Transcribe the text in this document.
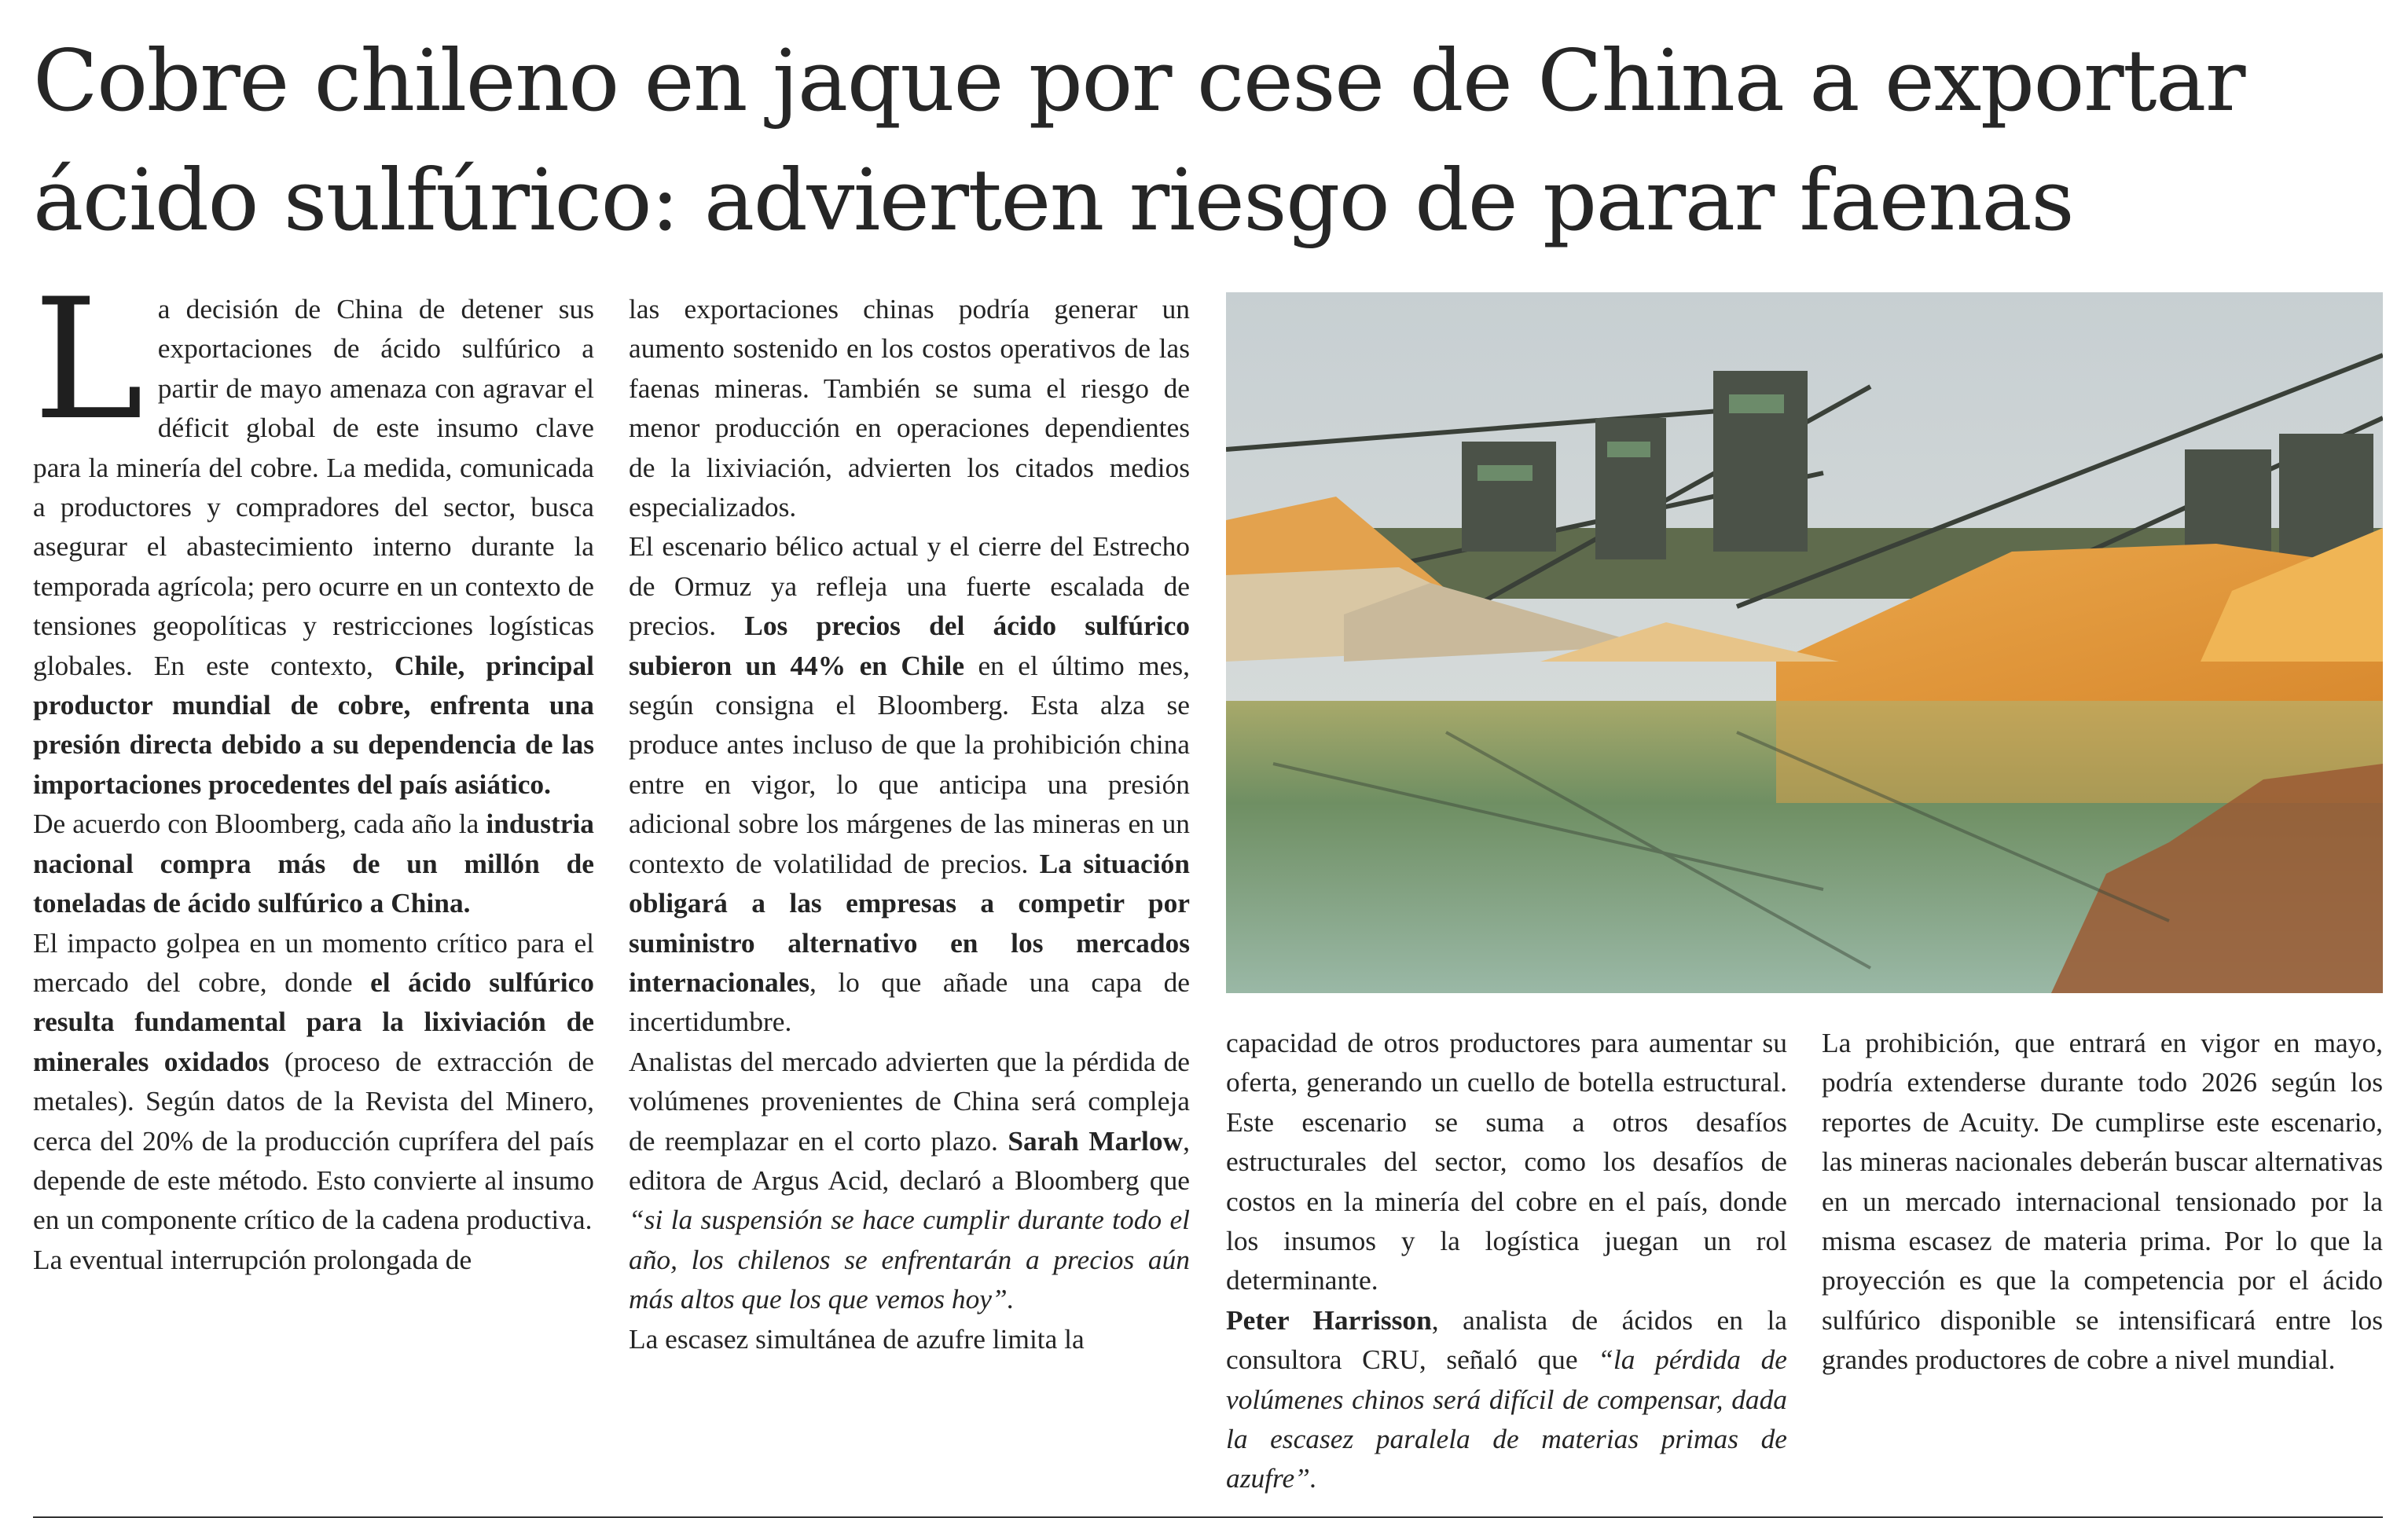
Cobre chileno en jaque por cese de China a exportar ácido sulfúrico: advierten riesgo de parar faenas

La decisión de China de detener sus exportaciones de ácido sulfúrico a partir de mayo amenaza con agravar el déficit global de este insumo clave para la minería del cobre. La medida, comunicada a productores y compradores del sector, busca asegurar el abastecimiento interno durante la temporada agrícola; pero ocurre en un contexto de tensiones geopolíticas y restricciones logísticas globales. En este contexto, Chile, principal productor mundial de cobre, enfrenta una presión directa debido a su dependencia de las importaciones procedentes del país asiático.

De acuerdo con Bloomberg, cada año la industria nacional compra más de un millón de toneladas de ácido sulfúrico a China.

El impacto golpea en un momento crítico para el mercado del cobre, donde el ácido sulfúrico resulta fundamental para la lixiviación de minerales oxidados (proceso de extracción de metales). Según datos de la Revista del Minero, cerca del 20% de la producción cuprífera del país depende de este método. Esto convierte al insumo en un componente crítico de la cadena productiva.

La eventual interrupción prolongada de

las exportaciones chinas podría generar un aumento sostenido en los costos operativos de las faenas mineras. También se suma el riesgo de menor producción en operaciones dependientes de la lixiviación, advierten los citados medios especializados.

El escenario bélico actual y el cierre del Estrecho de Ormuz ya refleja una fuerte escalada de precios. Los precios del ácido sulfúrico subieron un 44% en Chile en el último mes, según consigna el Bloomberg. Esta alza se produce antes incluso de que la prohibición china entre en vigor, lo que anticipa una presión adicional sobre los márgenes de las mineras en un contexto de volatilidad de precios. La situación obligará a las empresas a competir por suministro alternativo en los mercados internacionales, lo que añade una capa de incertidumbre.

Analistas del mercado advierten que la pérdida de volúmenes provenientes de China será compleja de reemplazar en el corto plazo. Sarah Marlow, editora de Argus Acid, declaró a Bloomberg que “si la suspensión se hace cumplir durante todo el año, los chilenos se enfrentarán a precios aún más altos que los que vemos hoy”.

La escasez simultánea de azufre limita la

capacidad de otros productores para aumentar su oferta, generando un cuello de botella estructural. Este escenario se suma a otros desafíos estructurales del sector, como los desafíos de costos en la minería del cobre en el país, donde los insumos y la logística juegan un rol determinante.

Peter Harrisson, analista de ácidos en la consultora CRU, señaló que “la pérdida de volúmenes chinos será difícil de compensar, dada la escasez paralela de materias primas de azufre”.

La prohibición, que entrará en vigor en mayo, podría extenderse durante todo 2026 según los reportes de Acuity. De cumplirse este escenario, las mineras nacionales deberán buscar alternativas en un mercado internacional tensionado por la misma escasez de materia prima. Por lo que la proyección es que la competencia por el ácido sulfúrico disponible se intensificará entre los grandes productores de cobre a nivel mundial.
